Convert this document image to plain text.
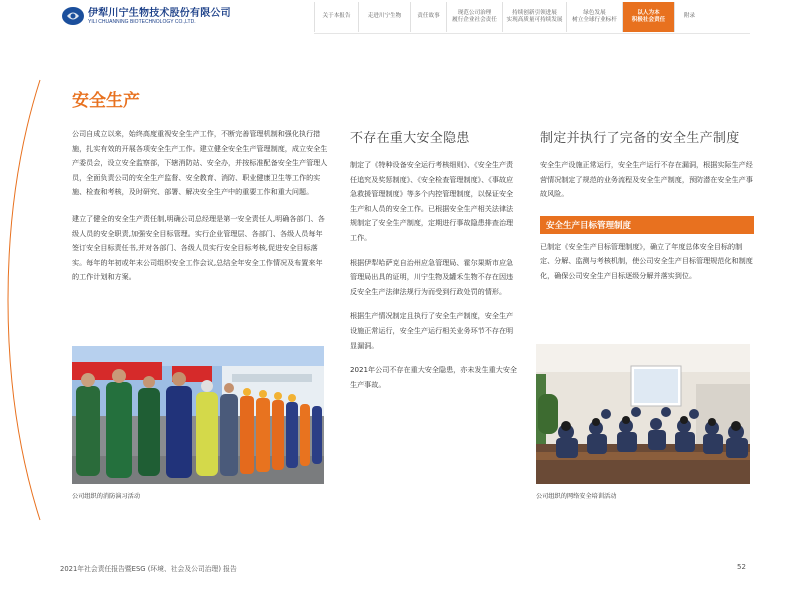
伊犁川宁生物技术股份有限公司
YILI CHUANNING BIOTECHNOLOGY CO.,LTD.
关于本报告	走进川宁生物	责任故事
现范公司治理
履行企业社会责任
持续创新引领进展
实现高质量可持续发展
绿色发展
树立全球行业标杆
以人为本
积极社会责任
附录
安全生产

公司自成立以来，始终高度重视安全生产工作，不断完善管理机制和强化执行措施，扎实有效的开展各项安全生产工作。建立健全安全生产管理制度，成立安全生产委员会，设立安全监察部，下辖消防站、安全办，并按标准配备安全生产管理人员，全面负责公司的安全生产监督、安全教育、消防、职业健康卫生等工作的实施、检查和考核，及时研究、部署、解决安全生产中的重要工作和重大问题。

建立了健全的安全生产责任制,明确公司总经理是第一安全责任人,明确各部门、各级人员的安全职责,加强安全目标管理。实行企业管理层、各部门、各级人员每年签订安全目标责任书,并对各部门、各级人员实行安全目标考核,促进安全目标落实。每年的年初或年末公司组织安全工作会议,总结全年安全工作情况及布置来年的工作计划和方案。

公司组织的消防演习活动
不存在重大安全隐患

制定了《特种设备安全运行考核细则》、《安全生产责任追究及奖惩制度》、《安全检查管理制度》、《事故应急救援管理制度》等多个内控管理制度，以保证安全生产和人员的安全工作。已根据安全生产相关法律法规制定了安全生产制度，定期进行事故隐患排查治理工作。

根据伊犁哈萨克自治州应急管理局、霍尔果斯市应急管理局出具的证明，川宁生物及罐禾生物不存在因违反安全生产法律法规行为而受到行政处罚的情形。

根据生产情况制定且执行了安全生产制度，安全生产设施正常运行，安全生产运行相关业务环节不存在明显漏洞。

2021年公司不存在重大安全隐患，亦未发生重大安全生产事故。

制定并执行了完备的安全生产制度

安全生产设施正常运行，安全生产运行不存在漏洞，根据实际生产经营情况制定了规范的业务流程及安全生产制度，预防潜在安全生产事故风险。

安全生产目标管理制度

已制定《安全生产目标管理制度》，确立了年度总体安全目标的制定、分解、监测与考核机制，使公司安全生产目标管理规范化和制度化，确保公司安全生产目标逐级分解并落实到位。

公司组织的网络安全培训活动
2021年社会责任报告暨ESG (环境、社会及公司治理) 报告	52
